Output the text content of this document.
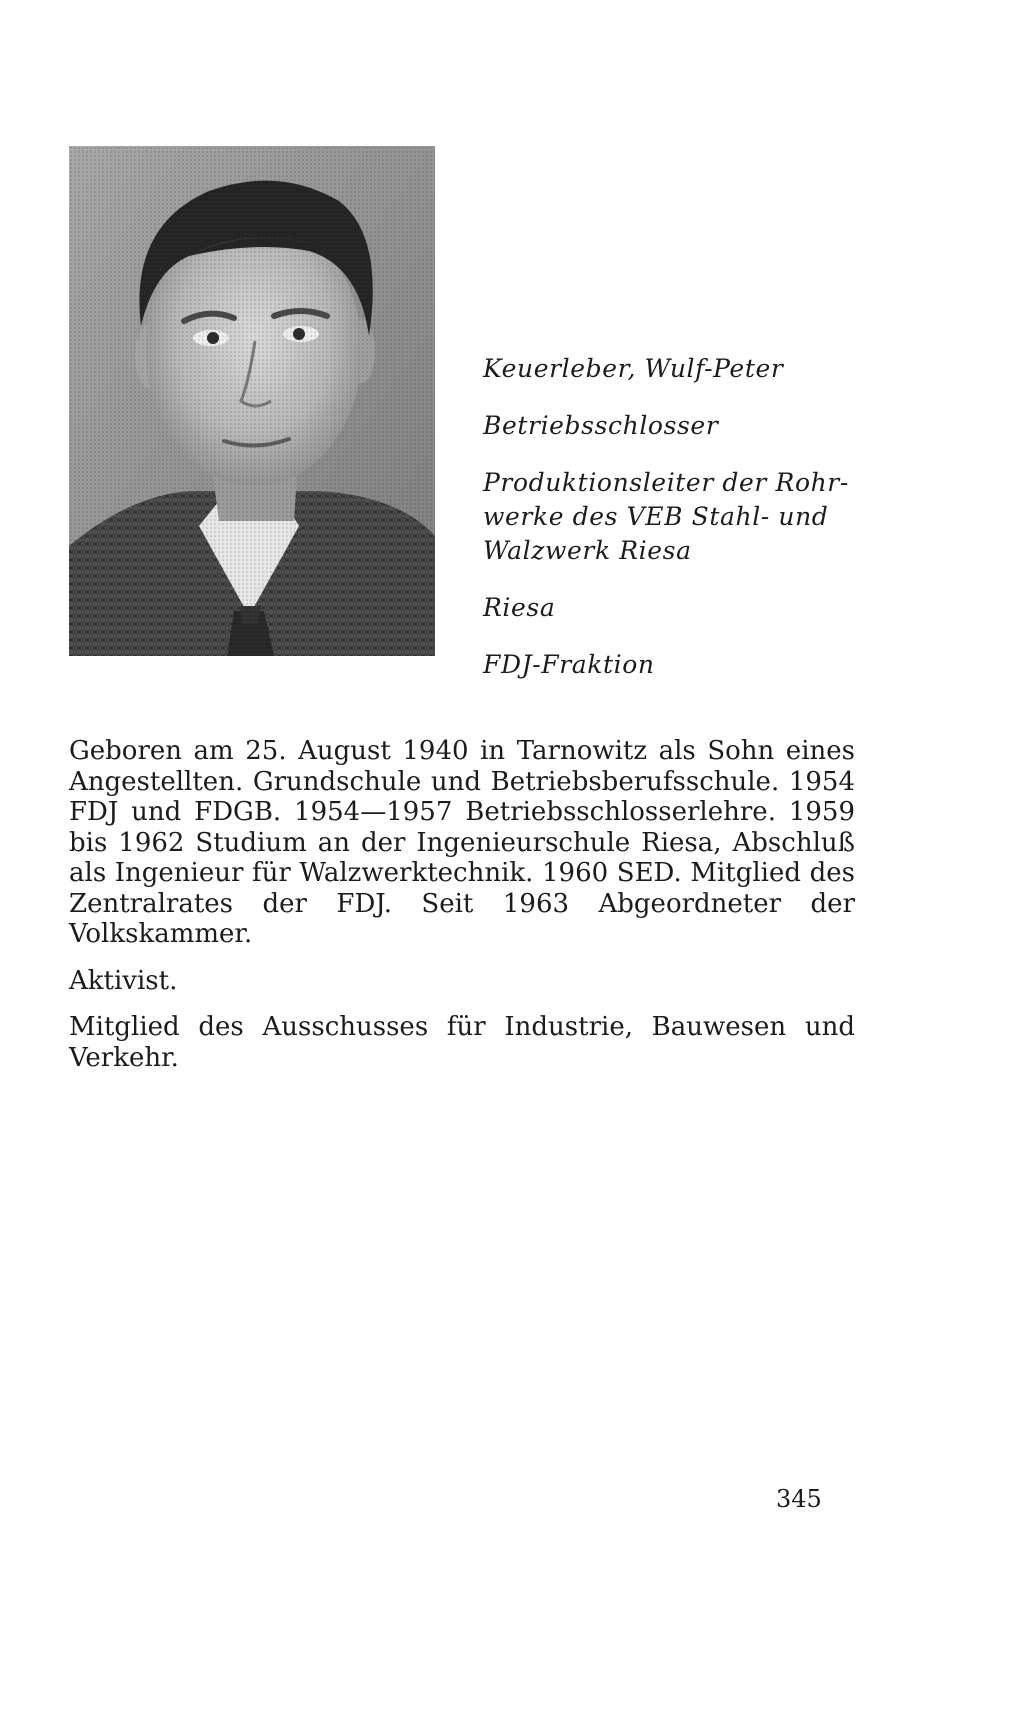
Keuerleber, Wulf-Peter
Betriebsschlosser
Produktionsleiter der Rohr-
werke des VEB Stahl- und
Walzwerk Riesa
Riesa
FDJ-Fraktion

Geboren am 25. August 1940 in Tarnowitz als Sohn eines Angestellten. Grundschule und Betriebsberufsschule. 1954 FDJ und FDGB. 1954—1957 Betriebsschlosserlehre. 1959 bis 1962 Studium an der Ingenieurschule Riesa, Abschluß als Ingenieur für Walzwerktechnik. 1960 SED. Mitglied des Zentralrates der FDJ. Seit 1963 Abgeordneter der Volkskammer.

Aktivist.

Mitglied des Ausschusses für Industrie, Bauwesen und Verkehr.

345
